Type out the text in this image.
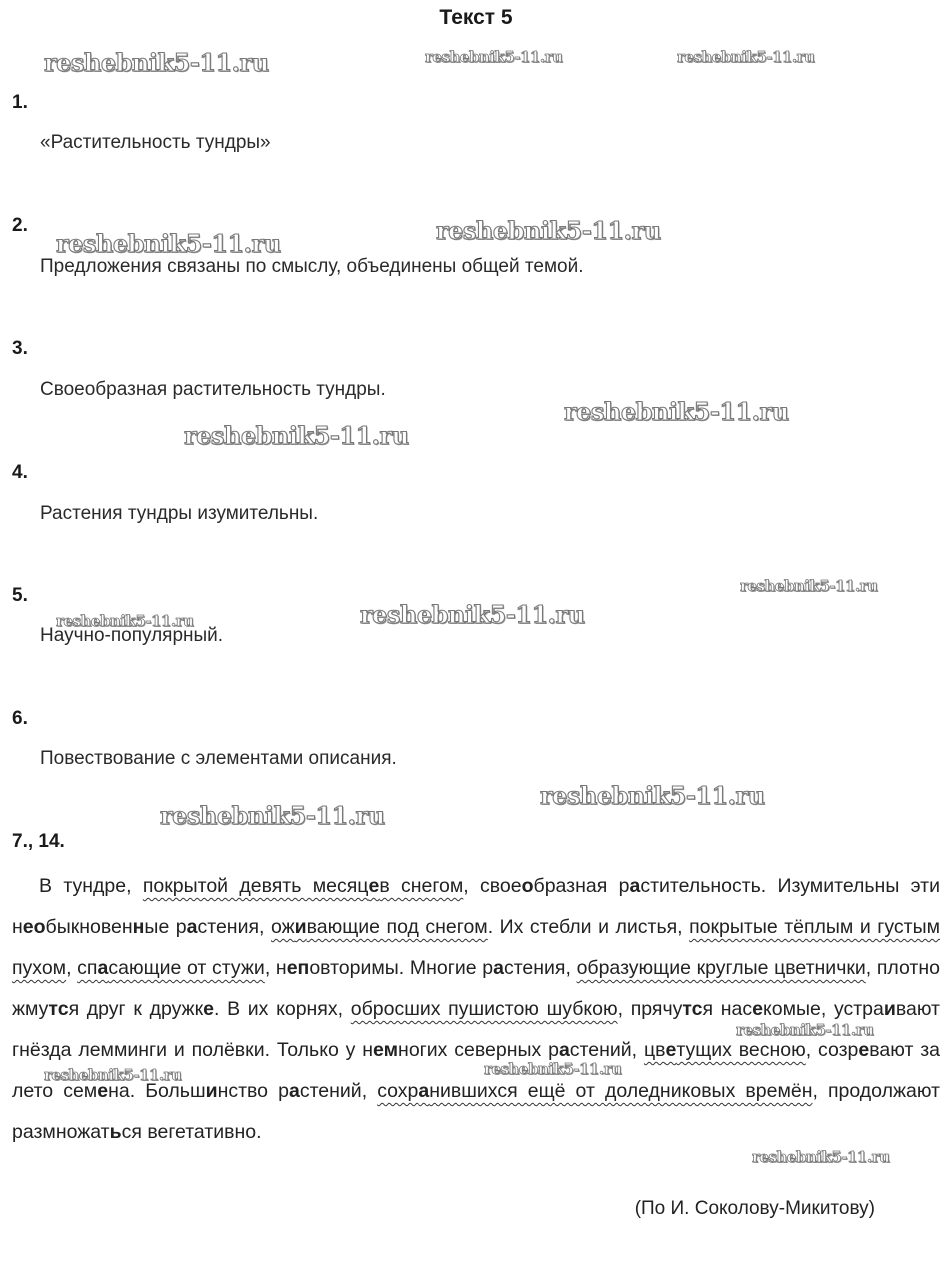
Текст 5
1.
«Растительность тундры»
2.
Предложения связаны по смыслу, объединены общей темой.
3.
Своеобразная растительность тундры.
4.
Растения тундры изумительны.
5.
Научно-популярный.
6.
Повествование с элементами описания.
7., 14.
В тундре, покрытой девять месяцев снегом, своеобразная растительность. Изумительны эти необыкновенные растения, оживающие под снегом. Их стебли и листья, покрытые тёплым и густым пухом, спасающие от стужи, неповторимы. Многие растения, образующие круглые цветнички, плотно жмутся друг к дружке. В их корнях, обросших пушистою шубкою, прячутся насекомые, устраивают гнёзда лемминги и полёвки. Только у немногих северных растений, цветущих весною, созревают за лето семена. Большинство растений, сохранившихся ещё от доледниковых времён, продолжают размножаться вегетативно.
(По И. Соколову-Микитову)
reshebnik5-11.ru	reshebnik5-11.ru	reshebnik5-11.ru
reshebnik5-11.ru	reshebnik5-11.ru
reshebnik5-11.ru
reshebnik5-11.ru
reshebnik5-11.ru
reshebnik5-11.ru	reshebnik5-11.ru
reshebnik5-11.ru
reshebnik5-11.ru
reshebnik5-11.ru
reshebnik5-11.ru	reshebnik5-11.ru
reshebnik5-11.ru
